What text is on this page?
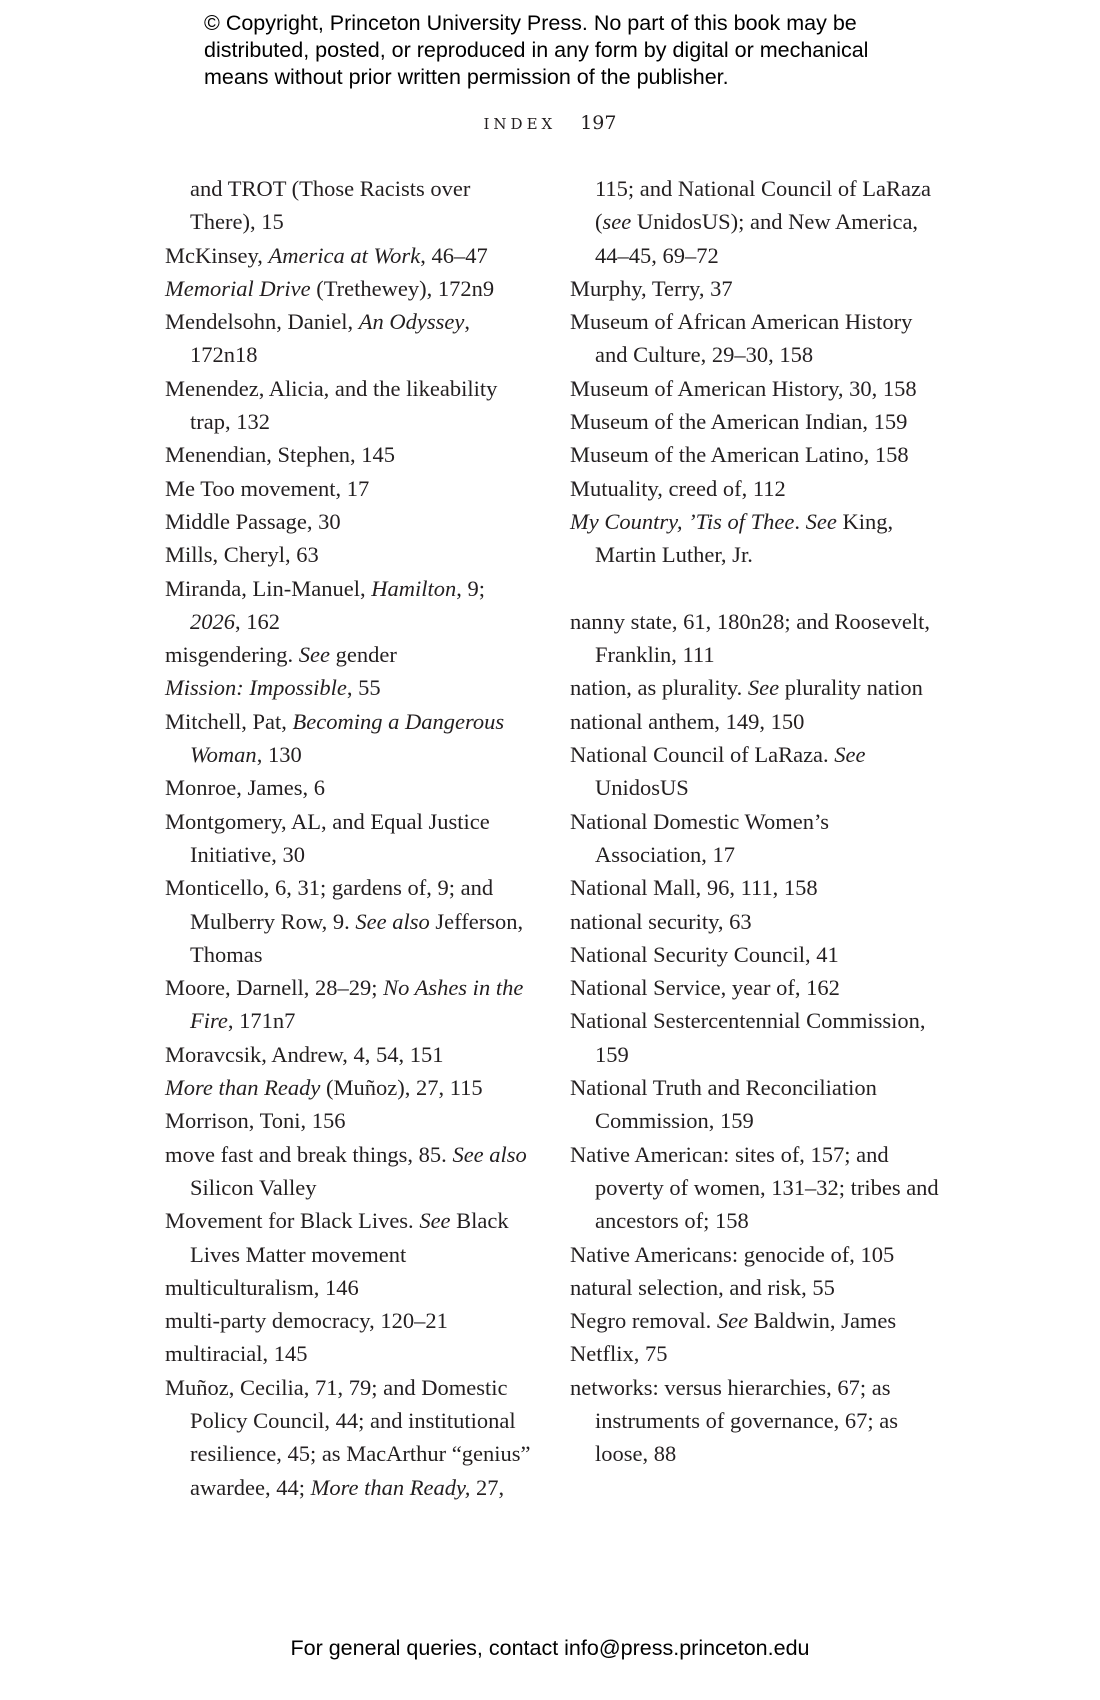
© Copyright, Princeton University Press. No part of this book may be
distributed, posted, or reproduced in any form by digital or mechanical
means without prior written permission of the publisher.
INDEX 197

and TROT (Those Racists over There), 15

McKinsey, America at Work, 46–47

Memorial Drive (Trethewey), 172n9

Mendelsohn, Daniel, An Odyssey, 172n18

Menendez, Alicia, and the likeability trap, 132

Menendian, Stephen, 145

Me Too movement, 17

Middle Passage, 30

Mills, Cheryl, 63

Miranda, Lin-Manuel, Hamilton, 9; 2026, 162

misgendering. See gender

Mission: Impossible, 55

Mitchell, Pat, Becoming a Dangerous Woman, 130

Monroe, James, 6

Montgomery, AL, and Equal Justice Initiative, 30

Monticello, 6, 31; gardens of, 9; and Mulberry Row, 9. See also Jefferson, Thomas

Moore, Darnell, 28–29; No Ashes in the Fire, 171n7

Moravcsik, Andrew, 4, 54, 151

More than Ready (Muñoz), 27, 115

Morrison, Toni, 156

move fast and break things, 85. See also Silicon Valley

Movement for Black Lives. See Black Lives Matter movement

multiculturalism, 146

multi-party democracy, 120–21

multiracial, 145

Muñoz, Cecilia, 71, 79; and Domestic Policy Council, 44; and institutional resilience, 45; as MacArthur “genius” awardee, 44; More than Ready, 27,

115; and National Council of LaRaza (see UnidosUS); and New America, 44–45, 69–72

Murphy, Terry, 37

Museum of African American History and Culture, 29–30, 158

Museum of American History, 30, 158

Museum of the American Indian, 159

Museum of the American Latino, 158

Mutuality, creed of, 112

My Country, ’Tis of Thee. See King, Martin Luther, Jr.

nanny state, 61, 180n28; and Roosevelt, Franklin, 111

nation, as plurality. See plurality nation

national anthem, 149, 150

National Council of LaRaza. See UnidosUS

National Domestic Women’s Association, 17

National Mall, 96, 111, 158

national security, 63

National Security Council, 41

National Service, year of, 162

National Sestercentennial Commission, 159

National Truth and Reconciliation Commission, 159

Native American: sites of, 157; and poverty of women, 131–32; tribes and ancestors of; 158

Native Americans: genocide of, 105

natural selection, and risk, 55

Negro removal. See Baldwin, James

Netflix, 75

networks: versus hierarchies, 67; as instruments of governance, 67; as loose, 88

For general queries, contact info@press.princeton.edu
